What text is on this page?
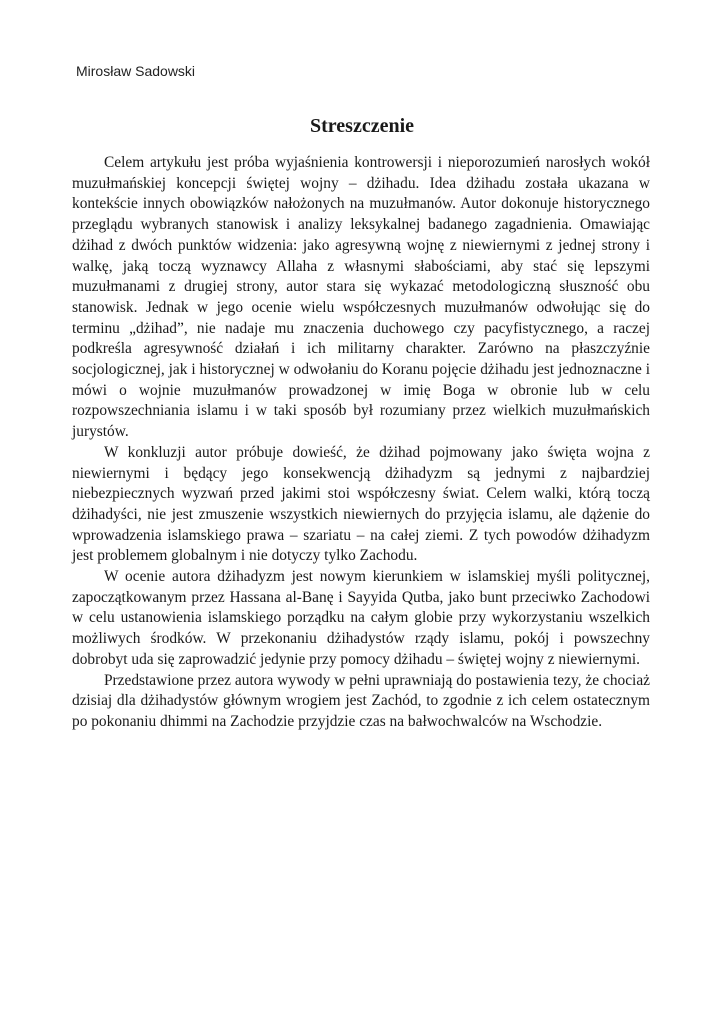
Mirosław Sadowski
Streszczenie

Celem artykułu jest próba wyjaśnienia kontrowersji i nieporozumień narosłych wokół muzułmańskiej koncepcji świętej wojny – dżihadu. Idea dżihadu została ukazana w kontekście innych obowiązków nałożonych na muzułmanów. Autor dokonuje historycznego przeglądu wybranych stanowisk i analizy leksykalnej badanego zagadnienia. Omawiając dżihad z dwóch punktów widzenia: jako agresywną wojnę z niewiernymi z jednej strony i walkę, jaką toczą wyznawcy Allaha z własnymi słabościami, aby stać się lepszymi muzułmanami z drugiej strony, autor stara się wykazać metodologiczną słuszność obu stanowisk. Jednak w jego ocenie wielu współczesnych muzułmanów odwołując się do terminu „dżihad”, nie nadaje mu znaczenia duchowego czy pacyfistycznego, a raczej podkreśla agresywność działań i ich militarny charakter. Zarówno na płaszczyźnie socjologicznej, jak i historycznej w odwołaniu do Koranu pojęcie dżihadu jest jednoznaczne i mówi o wojnie muzułmanów prowadzonej w imię Boga w obronie lub w celu rozpowszechniania islamu i w taki sposób był rozumiany przez wielkich muzułmańskich jurystów.

W konkluzji autor próbuje dowieść, że dżihad pojmowany jako święta wojna z niewiernymi i będący jego konsekwencją dżihadyzm są jednymi z najbardziej niebezpiecznych wyzwań przed jakimi stoi współczesny świat. Celem walki, którą toczą dżihadyści, nie jest zmuszenie wszystkich niewiernych do przyjęcia islamu, ale dążenie do wprowadzenia islamskiego prawa – szariatu – na całej ziemi. Z tych powodów dżihadyzm jest problemem globalnym i nie dotyczy tylko Zachodu.

W ocenie autora dżihadyzm jest nowym kierunkiem w islamskiej myśli politycznej, zapoczątkowanym przez Hassana al-Banę i Sayyida Qutba, jako bunt przeciwko Zachodowi w celu ustanowienia islamskiego porządku na całym globie przy wykorzystaniu wszelkich możliwych środków. W przekonaniu dżihadystów rządy islamu, pokój i powszechny dobrobyt uda się zaprowadzić jedynie przy pomocy dżihadu – świętej wojny z niewiernymi.

Przedstawione przez autora wywody w pełni uprawniają do postawienia tezy, że chociaż dzisiaj dla dżihadystów głównym wrogiem jest Zachód, to zgodnie z ich celem ostatecznym po pokonaniu dhimmi na Zachodzie przyjdzie czas na bałwochwalców na Wschodzie.
